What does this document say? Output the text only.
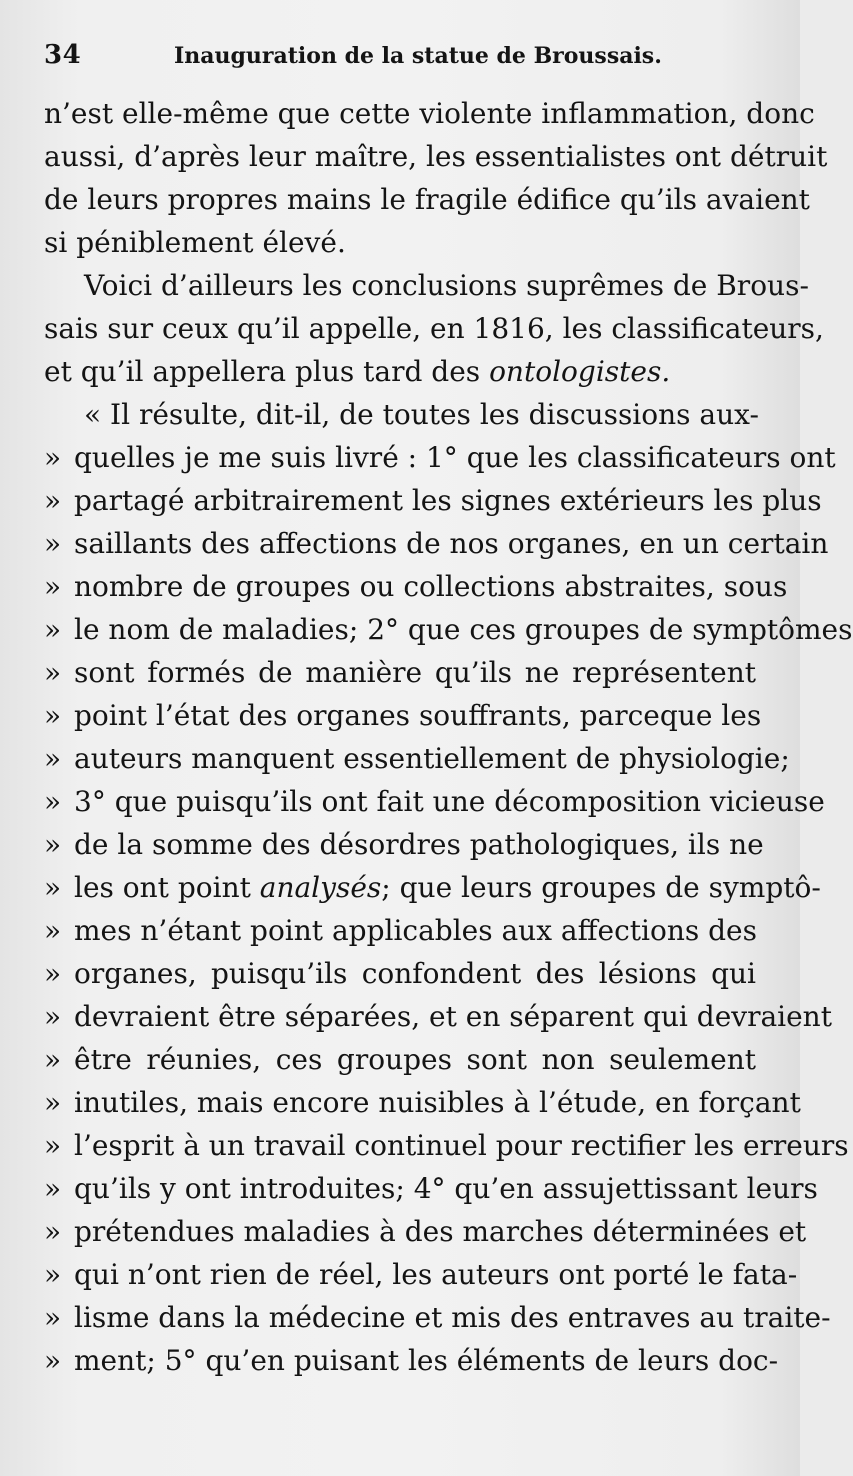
34	Inauguration de la statue de Broussais.
n’est elle-même que cette violente inflammation, donc
aussi, d’après leur maître, les essentialistes ont détruit
de leurs propres mains le fragile édifice qu’ils avaient
si péniblement élevé.
Voici d’ailleurs les conclusions suprêmes de Brous-
sais sur ceux qu’il appelle, en 1816, les classificateurs,
et qu’il appellera plus tard des ontologistes.
« Il résulte, dit-il, de toutes les discussions aux-
» quelles je me suis livré : 1° que les classificateurs ont
» partagé arbitrairement les signes extérieurs les plus
» saillants des affections de nos organes, en un certain
» nombre de groupes ou collections abstraites, sous
» le nom de maladies; 2° que ces groupes de symptômes
» sont formés de manière qu’ils ne représentent
» point l’état des organes souffrants, parceque les
» auteurs manquent essentiellement de physiologie;
» 3° que puisqu’ils ont fait une décomposition vicieuse
» de la somme des désordres pathologiques, ils ne
» les ont point analysés; que leurs groupes de symptô-
» mes n’étant point applicables aux affections des
» organes, puisqu’ils confondent des lésions qui
» devraient être séparées, et en séparent qui devraient
» être réunies, ces groupes sont non seulement
» inutiles, mais encore nuisibles à l’étude, en forçant
» l’esprit à un travail continuel pour rectifier les erreurs
» qu’ils y ont introduites; 4° qu’en assujettissant leurs
» prétendues maladies à des marches déterminées et
» qui n’ont rien de réel, les auteurs ont porté le fata-
» lisme dans la médecine et mis des entraves au traite-
» ment; 5° qu’en puisant les éléments de leurs doc-
